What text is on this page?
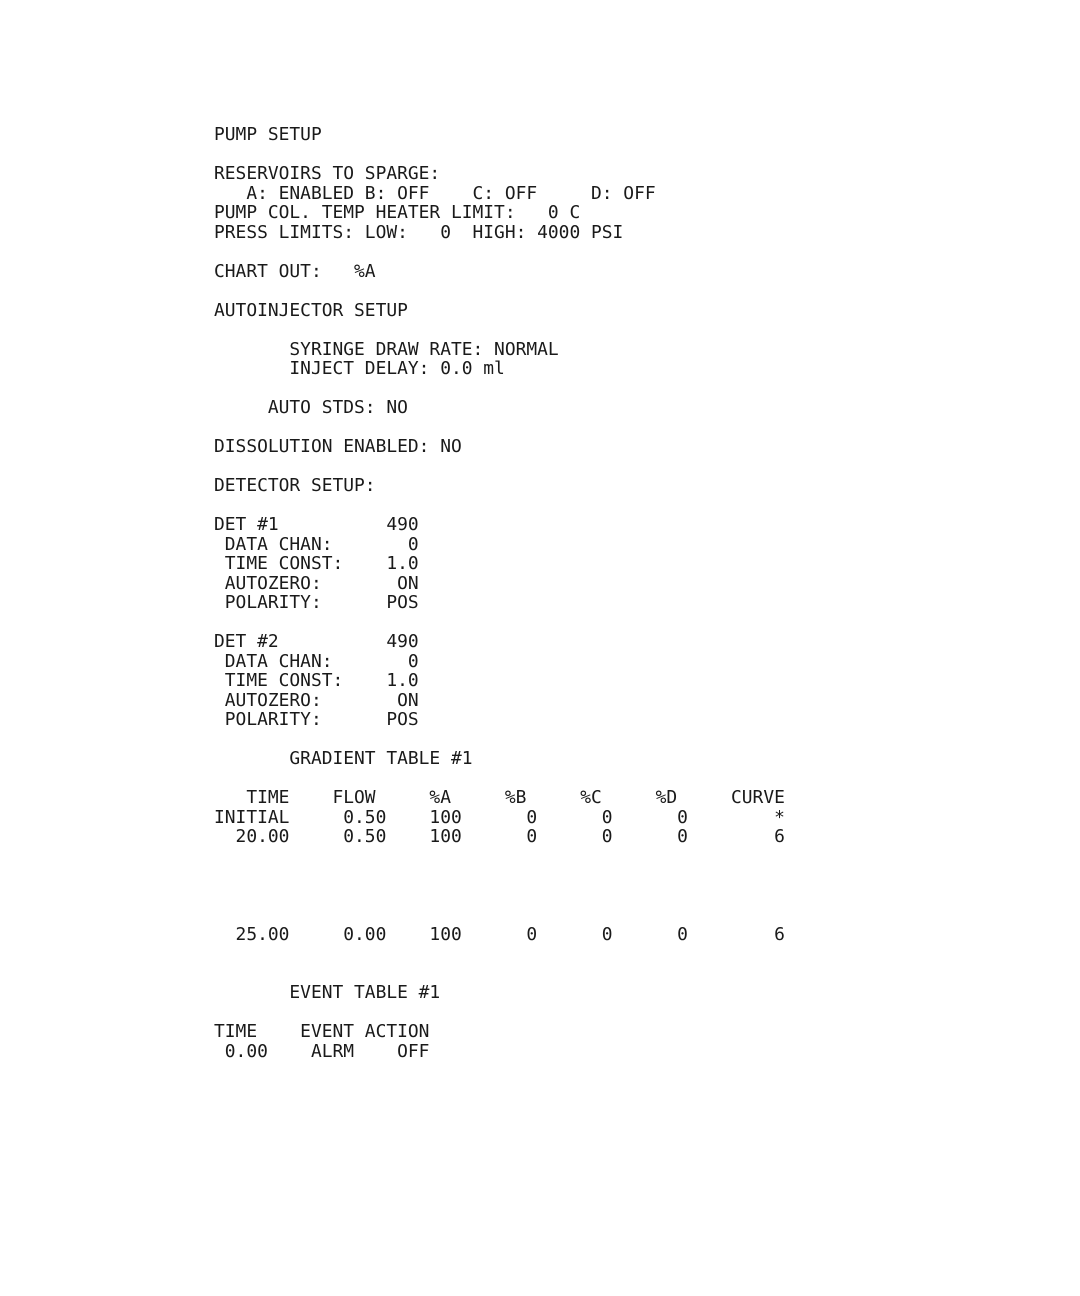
PUMP SETUP
RESERVOIRS TO SPARGE:
A: ENABLED B: OFF    C: OFF     D: OFF
PUMP COL. TEMP HEATER LIMIT:   0 C
PRESS LIMITS: LOW:   0  HIGH: 4000 PSI
CHART OUT:   %A
AUTOINJECTOR SETUP
SYRINGE DRAW RATE: NORMAL
INJECT DELAY: 0.0 ml
AUTO STDS: NO
DISSOLUTION ENABLED: NO
DETECTOR SETUP:
DET #1          490
DATA CHAN:       0
TIME CONST:    1.0
AUTOZERO:       ON
POLARITY:      POS
DET #2          490
DATA CHAN:       0
TIME CONST:    1.0
AUTOZERO:       ON
POLARITY:      POS
GRADIENT TABLE #1
TIME    FLOW     %A     %B     %C     %D     CURVE
INITIAL     0.50    100      0      0      0        *
20.00     0.50    100      0      0      0        6
25.00     0.00    100      0      0      0        6
EVENT TABLE #1
TIME    EVENT ACTION
0.00    ALRM    OFF
